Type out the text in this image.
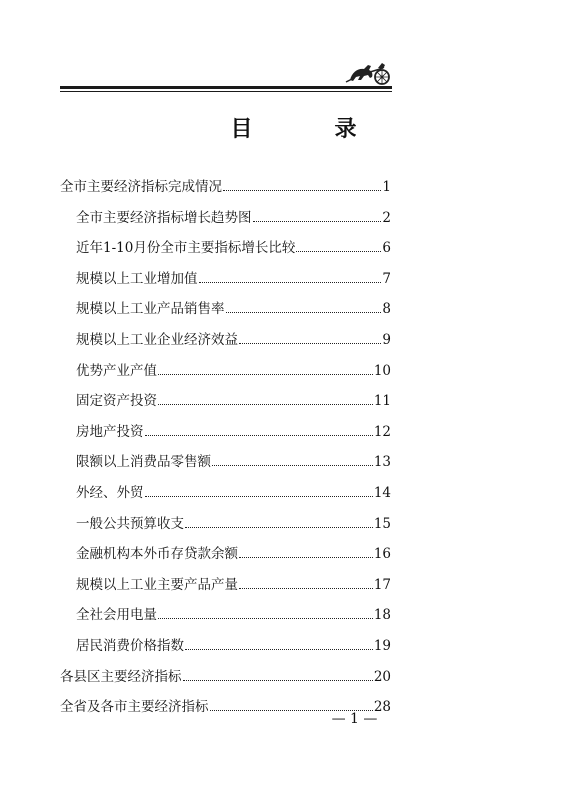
目　录
全市主要经济指标完成情况	1
全市主要经济指标增长趋势图	2
近年1-10月份全市主要指标增长比较	6
规模以上工业增加值	7
规模以上工业产品销售率	8
规模以上工业企业经济效益	9
优势产业产值	10
固定资产投资	11
房地产投资	12
限额以上消费品零售额	13
外经、外贸	14
一般公共预算收支	15
金融机构本外币存贷款余额	16
规模以上工业主要产品产量	17
全社会用电量	18
居民消费价格指数	19
各县区主要经济指标	20
全省及各市主要经济指标	28
— 1 —
